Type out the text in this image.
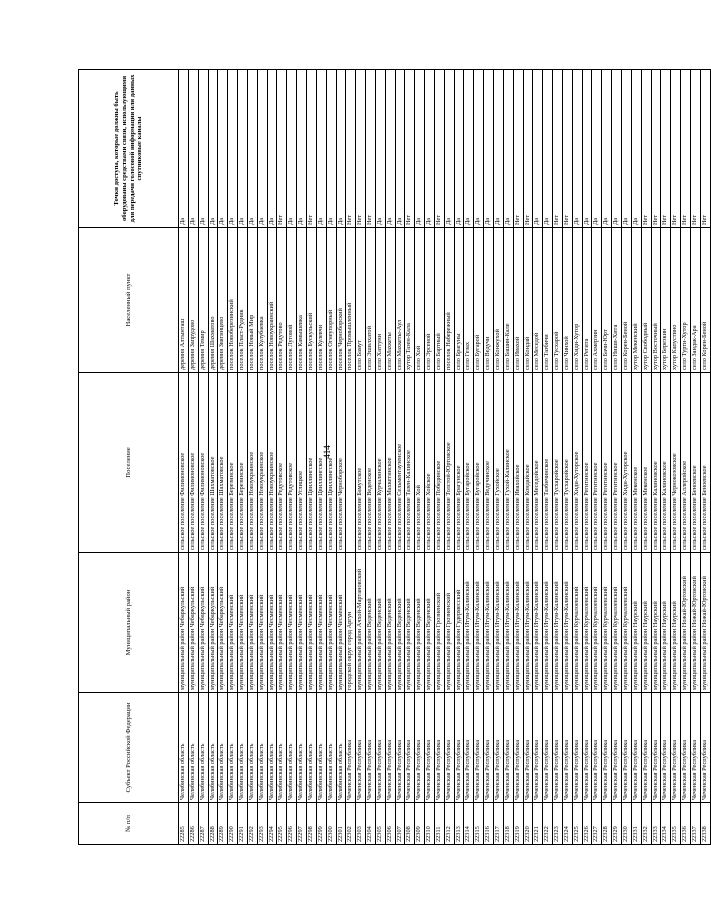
414
№ п/п	Субъект Российской Федерации	Муниципальный район	Поселение	Населенный пункт	Точки доступа, которые должны быть оборудованы средствами связи, использующими для передачи голосовой информации или данных спутниковые каналы
22285	Челябинская область	муниципальный район Чебаркульский	сельское поселение Филимоновское	деревня Алтынташ	Да
22286	Челябинская область	муниципальный район Чебаркульский	сельское поселение Филимоновское	деревня Запрудово	Да
22287	Челябинская область	муниципальный район Чебаркульский	сельское поселение Филимоновское	деревня Темир	Да
22288	Челябинская область	муниципальный район Чебаркульский	сельское поселение Шахматовское	деревня Шахматово	Да
22289	Челябинская область	муниципальный район Чебаркульский	сельское поселение Шахматовское	деревня Звягинцево	Да
22290	Челябинская область	муниципальный район Чесменский	сельское поселение Березинское	поселок Новоберезинский	Да
22291	Челябинская область	муниципальный район Чесменский	сельское поселение Березинское	поселок Пласт-Рудник	Да
22292	Челябинская область	муниципальный район Чесменский	сельское поселение Новоукраинское	поселок Новый Мир	Да
22293	Челябинская область	муниципальный район Чесменский	сельское поселение Новоукраинское	поселок Кулубаевка	Да
22294	Челябинская область	муниципальный район Чесменский	сельское поселение Новоукраинское	поселок Новоукраинский	Да
22295	Челябинская область	муниципальный район Чесменский	сельское поселение Редутовское	поселок Редутово	Нет
22296	Челябинская область	муниципальный район Чесменский	сельское поселение Редутовское	поселок Луговой	Да
22297	Челябинская область	муниципальный район Чесменский	сельское поселение Углицкое	поселок Камышевка	Да
22298	Челябинская область	муниципальный район Чесменский	сельское поселение Цвиллингское	поселок Бускульский	Нет
22299	Челябинская область	муниципальный район Чесменский	сельское поселение Цвиллингское	поселок Кулевчи	Да
22300	Челябинская область	муниципальный район Чесменский	сельское поселение Цвиллингское	поселок Огнеупорный	Да
22301	Челябинская область	муниципальный район Чесменский	сельское поселение Черноборское	поселок Черноборский	Да
22302	Чеченская Республика	городской округ город Аргун		поселок Промышленный	Нет
22303	Чеченская Республика	муниципальный район Ачхой-Мартановский	сельское поселение Бамутское	село Бамут	Нет
22304	Чеченская Республика	муниципальный район Веденский	сельское поселение Веденское	село Эшилхатой	Нет
22305	Чеченская Республика	муниципальный район Веденский	сельское поселение Курчалинское	село Хаттуни	Да
22306	Чеченская Республика	муниципальный район Веденский	сельское поселение Махкетинское	село Махкеты	Да
22307	Чеченская Республика	муниципальный район Веденский	сельское поселение Сельментаузенское	село Махкеты-Аул	Да
22308	Чеченская Республика	муниципальный район Веденский	сельское поселение Тазен-Калинское	хутор Тазен-Кала	Нет
22309	Чеченская Республика	муниципальный район Веденский	сельское поселение Хой	село Хой	Да
22310	Чеченская Республика	муниципальный район Веденский	сельское поселение Хойское	село Эрсеной	Да
22311	Чеченская Республика	муниципальный район Грозненский	сельское поселение Побединское	село Бартный	Нет
22312	Чеченская Республика	муниципальный район Грозненский	сельское поселение Толстой-Юртовское	поселок Набережный	Да
22313	Чеченская Республика	муниципальный район Гудермесский	сельское поселение Брагунское	село Брагуны	Да
22314	Чеченская Республика	муниципальный район Итум-Калинский	сельское поселение Бугаройское	село Гезах	Да
22315	Чеченская Республика	муниципальный район Итум-Калинский	сельское поселение Бугаройское	село Бугарой	Да
22316	Чеченская Республика	муниципальный район Итум-Калинский	сельское поселение Ведучинское	село Ведучи	Да
22317	Чеченская Республика	муниципальный район Итум-Калинский	сельское поселение Гухойское	село Конжухой	Да
22318	Чеченская Республика	муниципальный район Итум-Калинский	сельское поселение Гухой-Калинское	село Башин-Кале	Да
22319	Чеченская Республика	муниципальный район Итум-Калинский	сельское поселение Ивахойское	село Ивахой	Нет
22320	Чеченская Республика	муниципальный район Итум-Калинский	сельское поселение Кондайское	село Кондай	Нет
22321	Чеченская Республика	муниципальный район Итум-Калинский	сельское поселение Меседойское	село Меседой	Да
22322	Чеченская Республика	муниципальный район Итум-Калинский	сельское поселение Тазбичинское	село Тазбичи	Да
22323	Чеченская Республика	муниципальный район Итум-Калинский	сельское поселение Тусхаройское	село Тусхарой	Нет
22324	Чеченская Республика	муниципальный район Итум-Калинский	сельское поселение Тусхаройское	село Чинхой	Нет
22325	Чеченская Республика	муниципальный район Курчалоевский	сельское поселение Хиди-Хуторское	село Хиди-Хутор	Да
22326	Чеченская Республика	муниципальный район Курчалоевский	сельское поселение Регитинское	село Регита	Да
22327	Чеченская Республика	муниципальный район Курчалоевский	сельское поселение Регитинское	село Ахмерзин	Да
22328	Чеченская Республика	муниципальный район Курчалоевский	сельское поселение Регитинское	село Бачи-Юрт	Да
22329	Чеченская Республика	муниципальный район Курчалоевский	сельское поселение Регитинское	село Ниши-Хита	Да
22330	Чеченская Республика	муниципальный район Курчалоевский	сельское поселение Хиди-Хуторское	село Корен-Беной	Да
22331	Чеченская Республика	муниципальный район Наурский	сельское поселение Мекенское	хутор Мекенский	Да
22332	Чеченская Республика	муниципальный район Наурский	сельское поселение Мекенское	хутор Свободный	Нет
22333	Чеченская Республика	муниципальный район Наурский	сельское поселение Калиновское	хутор Восточный	Нет
22334	Чеченская Республика	муниципальный район Наурский	сельское поселение Калиновское	хутор Березкин	Нет
22335	Чеченская Республика	муниципальный район Наурский	сельское поселение Чернокозовское	хутор Капустино	Нет
22336	Чеченская Республика	муниципальный район Ножай-Юртовский	сельское поселение Аллеройское	село Турти-Хутор	Нет
22337	Чеченская Республика	муниципальный район Ножай-Юртовский	сельское поселение Беноевское	село Зандак-Ара	Нет
22338	Чеченская Республика	муниципальный район Ножай-Юртовский	сельское поселение Беноевское	село Корен-Беной	Нет
